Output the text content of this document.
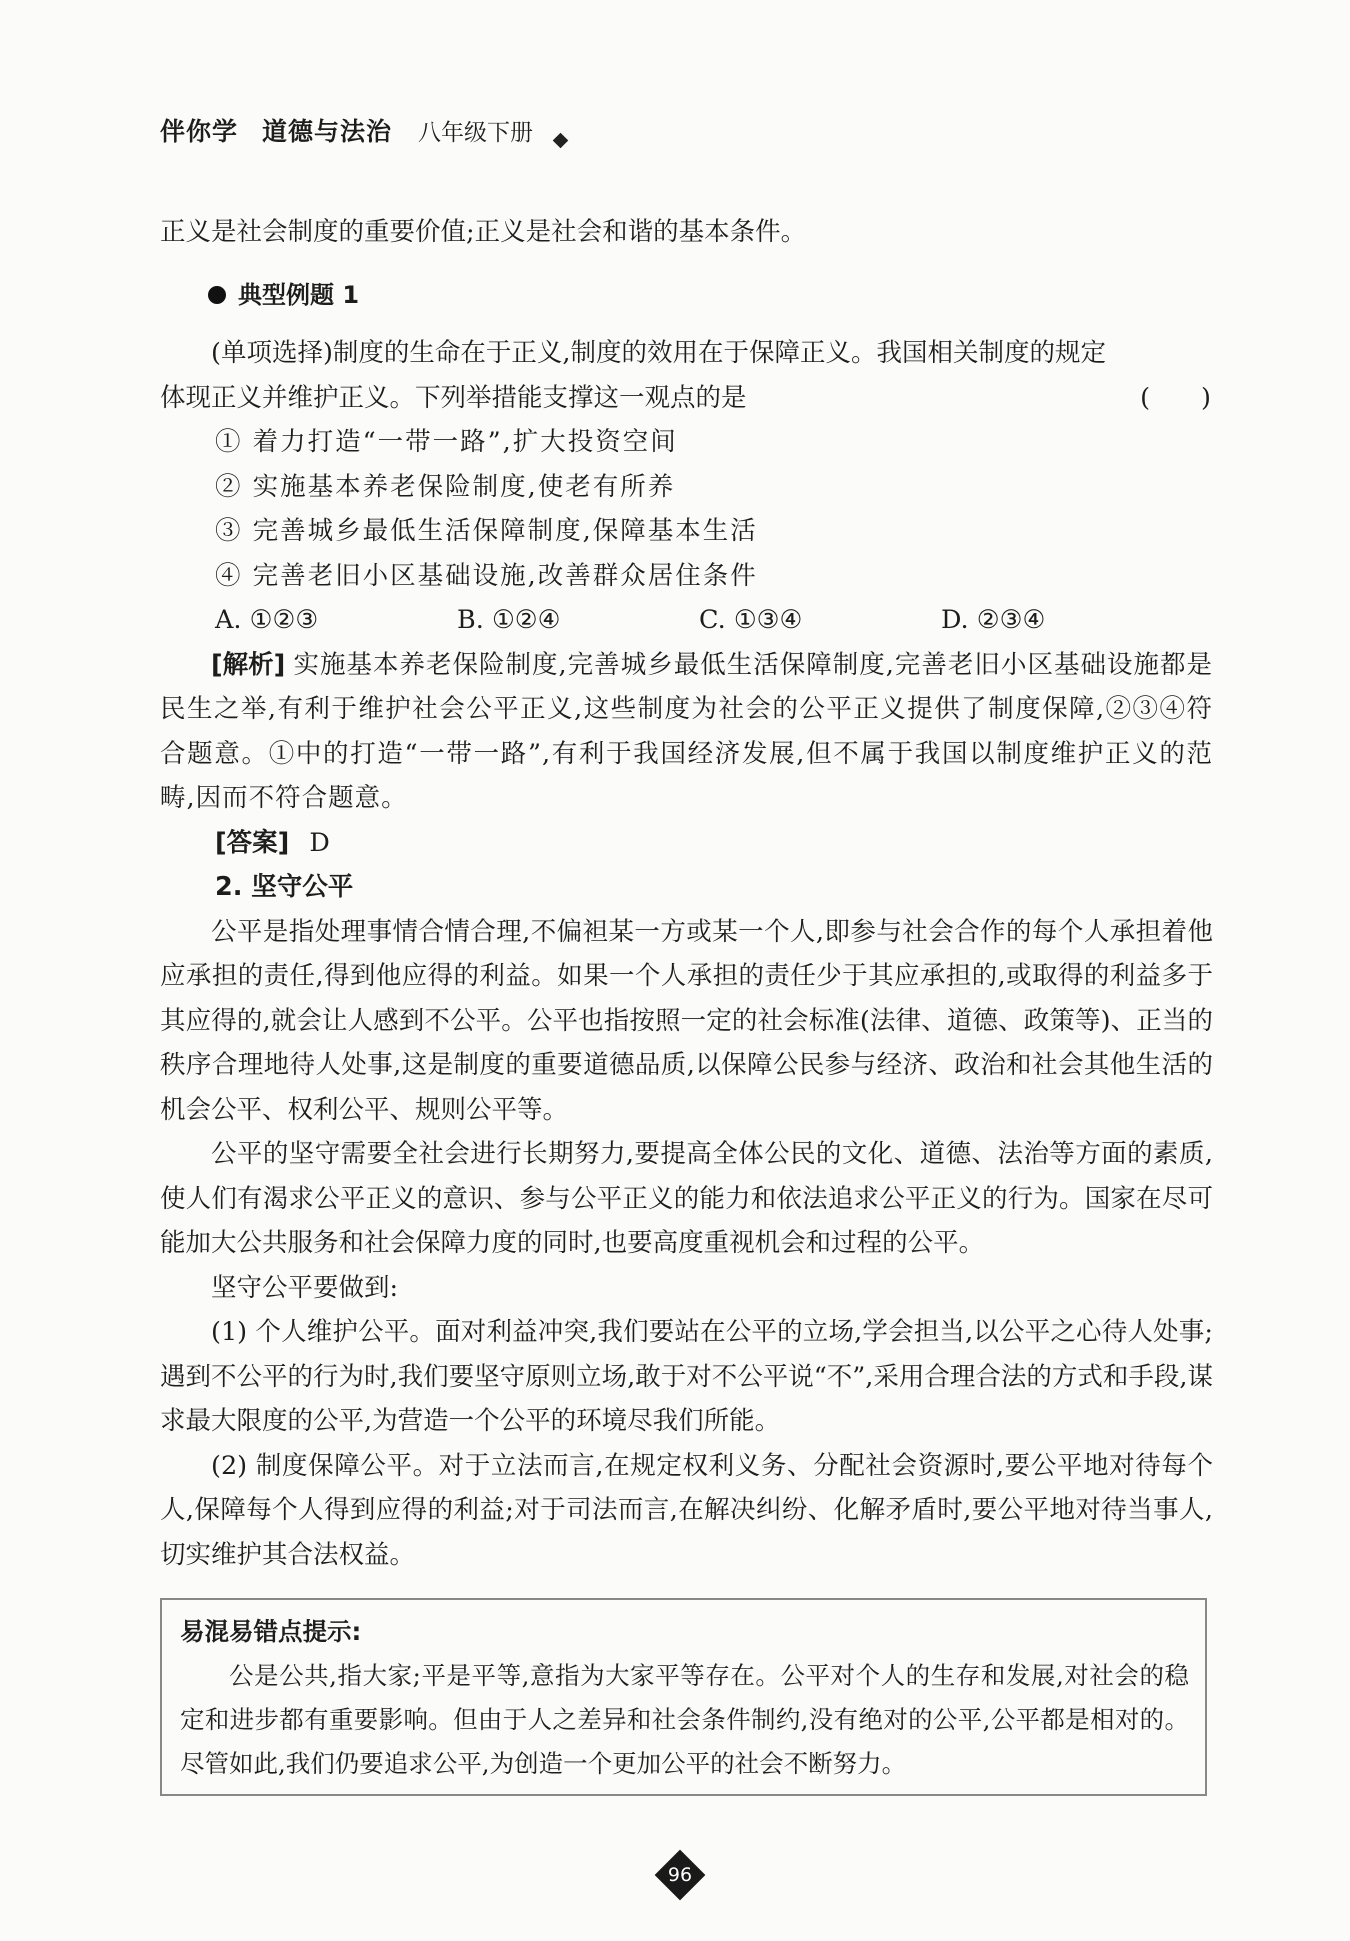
伴你学 道德与法治 八年级下册

正义是社会制度的重要价值;正义是社会和谐的基本条件。

典型例题 1

(单项选择)制度的生命在于正义,制度的效用在于保障正义。我国相关制度的规定

体现正义并维护正义。下列举措能支撑这一观点的是	(　　)

① 着力打造“一带一路”,扩大投资空间

② 实施基本养老保险制度,使老有所养

③ 完善城乡最低生活保障制度,保障基本生活

④ 完善老旧小区基础设施,改善群众居住条件

A. ①②③	B. ①②④	C. ①③④	D. ②③④

[解析] 实施基本养老保险制度,完善城乡最低生活保障制度,完善老旧小区基础设施都是民生之举,有利于维护社会公平正义,这些制度为社会的公平正义提供了制度保障,②③④符合题意。①中的打造“一带一路”,有利于我国经济发展,但不属于我国以制度维护正义的范畴,因而不符合题意。

[答案] D

2. 坚守公平

公平是指处理事情合情合理,不偏袒某一方或某一个人,即参与社会合作的每个人承担着他应承担的责任,得到他应得的利益。如果一个人承担的责任少于其应承担的,或取得的利益多于其应得的,就会让人感到不公平。公平也指按照一定的社会标准(法律、道德、政策等)、正当的秩序合理地待人处事,这是制度的重要道德品质,以保障公民参与经济、政治和社会其他生活的机会公平、权利公平、规则公平等。

公平的坚守需要全社会进行长期努力,要提高全体公民的文化、道德、法治等方面的素质,使人们有渴求公平正义的意识、参与公平正义的能力和依法追求公平正义的行为。国家在尽可能加大公共服务和社会保障力度的同时,也要高度重视机会和过程的公平。

坚守公平要做到:

(1) 个人维护公平。面对利益冲突,我们要站在公平的立场,学会担当,以公平之心待人处事;遇到不公平的行为时,我们要坚守原则立场,敢于对不公平说“不”,采用合理合法的方式和手段,谋求最大限度的公平,为营造一个公平的环境尽我们所能。

(2) 制度保障公平。对于立法而言,在规定权利义务、分配社会资源时,要公平地对待每个人,保障每个人得到应得的利益;对于司法而言,在解决纠纷、化解矛盾时,要公平地对待当事人,切实维护其合法权益。

易混易错点提示:

公是公共,指大家;平是平等,意指为大家平等存在。公平对个人的生存和发展,对社会的稳定和进步都有重要影响。但由于人之差异和社会条件制约,没有绝对的公平,公平都是相对的。尽管如此,我们仍要追求公平,为创造一个更加公平的社会不断努力。

96
